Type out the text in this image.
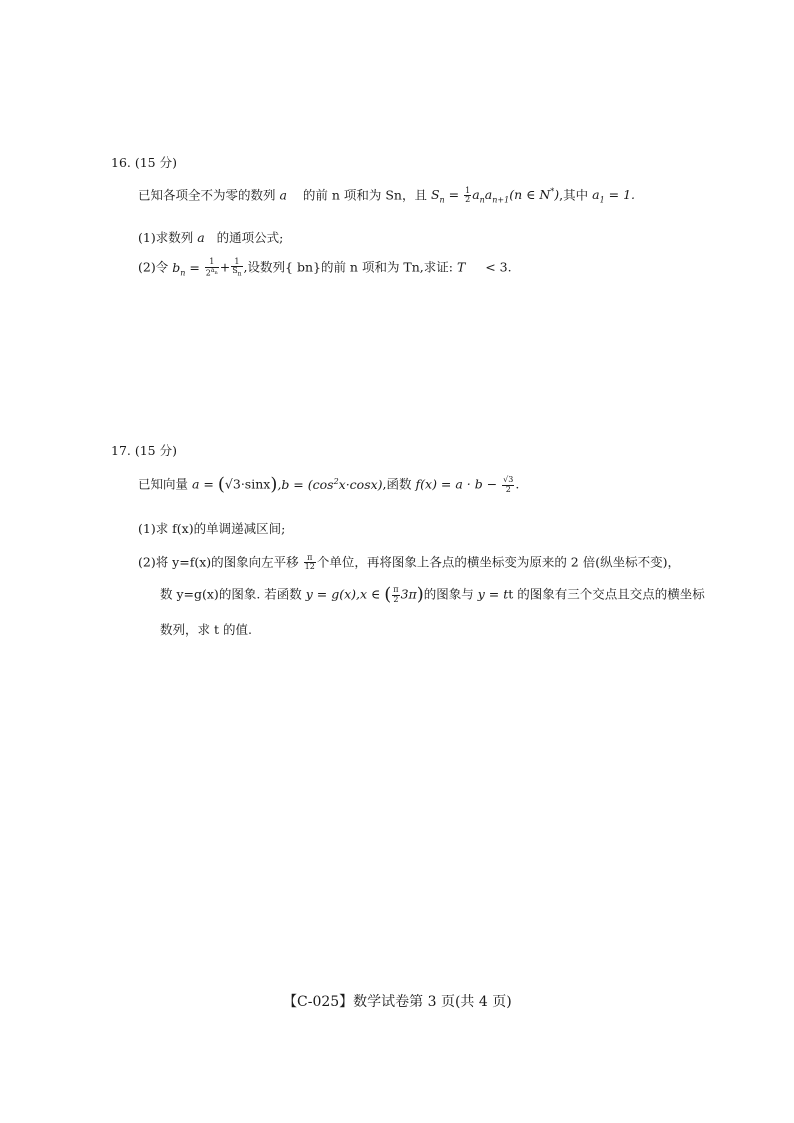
16. (15 分)
已知各项全不为零的数列 a 的前 n 项和为 Sn，且 $S_n = \frac{1}{2} a_na_{n+1}(n$ ∈ N*),其中 $a_1 = 1$.
(1)求数列 a 的通项公式;
(2)令 $b_n = \frac{1}{2^{a_n}} + \frac{1}{S_n}$ ,设数列{ bn}的前 n 项和为 Tn,求证: T < 3.
17. (15 分)
已知向量 $a = (√3\cdot\sin x),b = (\cos^2x\cdot\cos x)$,函数 $f(x) = a \cdot b - \frac{√3}{2}$ .
(1)求 f(x)的单调递减区间;
(2)将 y=f(x)的图象向左平移 $\frac{\pi}{12}$ 个单位，再将图象上各点的横坐标变为原来的 2 倍(纵坐标不变)，
数 y=g(x)的图象. 若函数 y = g(x),x ∈ ( $\frac{\pi}{2} 3\pi$)的图象与 y = tt 的图象有三个交点且交点的横坐标
数列，求 t 的值.
【C-025】数学试卷第 3 页(共 4 页)
